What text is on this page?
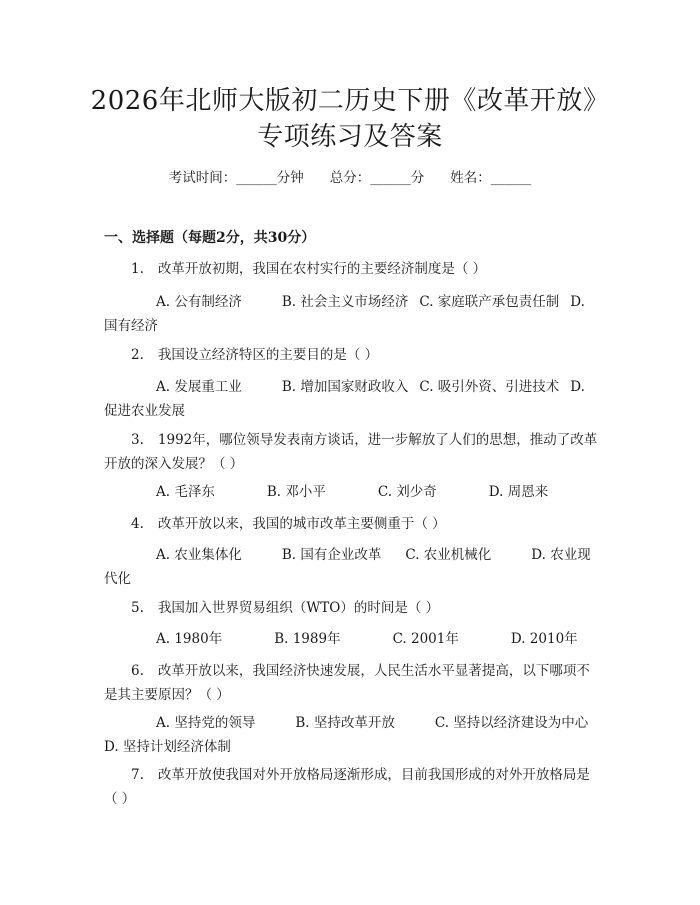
2026年北师大版初二历史下册《改革开放》
专项练习及答案
考试时间：______分钟 总分：______分 姓名：______
一、选择题（每题2分，共30分）
1. 改革开放初期，我国在农村实行的主要经济制度是（ ）
A. 公有制经济	B. 社会主义市场经济 C. 家庭联产承包责任制 D. 国有经济
2. 我国设立经济特区的主要目的是（ ）
A. 发展重工业	B. 增加国家财政收入 C. 吸引外资、引进技术 D. 促进农业发展
3. 1992年，哪位领导发表南方谈话，进一步解放了人们的思想，推动了改革开放的深入发展？（ ）
A. 毛泽东	B. 邓小平	C. 刘少奇	D. 周恩来
4. 改革开放以来，我国的城市改革主要侧重于（ ）
A. 农业集体化	B. 国有企业改革 C. 农业机械化	D. 农业现代化
5. 我国加入世界贸易组织（WTO）的时间是（ ）
A. 1980年	B. 1989年	C. 2001年	D. 2010年
6. 改革开放以来，我国经济快速发展，人民生活水平显著提高，以下哪项不是其主要原因？（ ）
A. 坚持党的领导	B. 坚持改革开放	C. 坚持以经济建设为中心D. 坚持计划经济体制
7. 改革开放使我国对外开放格局逐渐形成，目前我国形成的对外开放格局是（ ）
